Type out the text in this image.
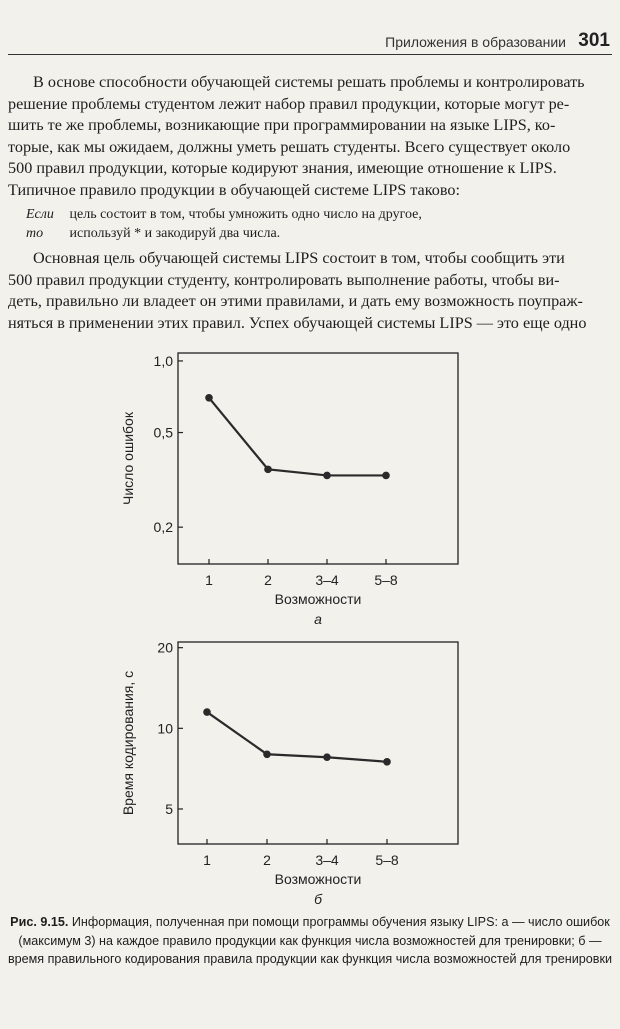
Приложения в образовании 301
В основе способности обучающей системы решать проблемы и контролировать
решение проблемы студентом лежит набор правил продукции, которые могут ре-
шить те же проблемы, возникающие при программировании на языке LIPS, ко-
торые, как мы ожидаем, должны уметь решать студенты. Всего существует около
500 правил продукции, которые кодируют знания, имеющие отношение к LIPS.
Типичное правило продукции в обучающей системе LIPS таково:
Если цель состоит в том, чтобы умножить одно число на другое,
то используй * и закодируй два числа.
Основная цель обучающей системы LIPS состоит в том, чтобы сообщить эти
500 правил продукции студенту, контролировать выполнение работы, чтобы ви-
деть, правильно ли владеет он этими правилами, и дать ему возможность поупраж-
няться в применении этих правил. Успех обучающей системы LIPS — это еще одно
1,0
0,5
0,2
1	2	3–4	5–8
Возможности
а
Число ошибок
20
10
5
1	2	3–4	5–8
Возможности
б
Время кодирования, с
Рис. 9.15. Информация, полученная при помощи программы обучения языку LIPS: а — число ошибок (максимум 3) на каждое правило продукции как функция числа возможностей для тренировки; б — время правильного кодирования правила продукции как функция числа возможностей для тренировки
